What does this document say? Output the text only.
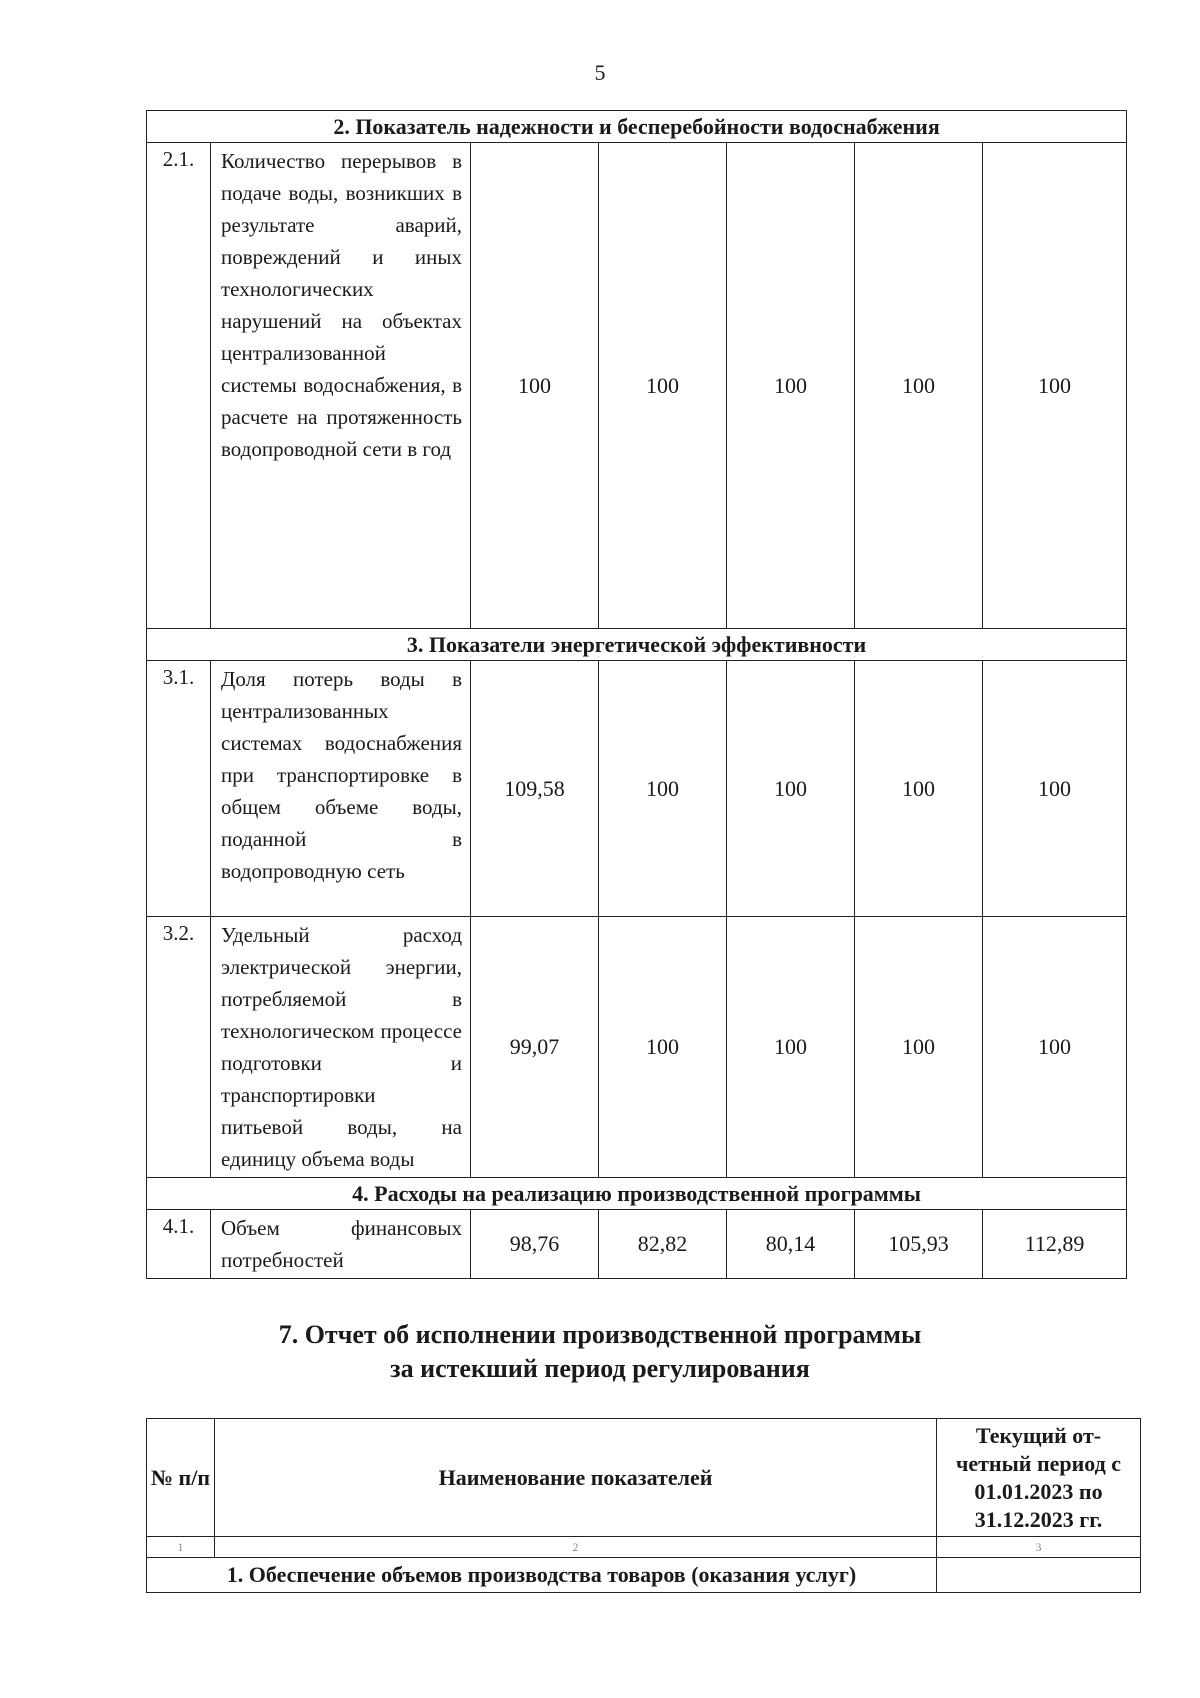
5
2. Показатель надежности и бесперебойности водоснабжения						
2.1.	Количество перерывов в подаче воды, возникших в результате аварий, повреждений и иных технологических нарушений на объектах централизованной системы водоснабжения, в расчете на протяженность водопроводной сети в год	100	100	100	100	100
3. Показатели энергетической эффективности						
3.1.	Доля потерь воды в централизованных системах водоснабжения при транспортировке в общем объеме воды, поданной в водопроводную сеть	109,58	100	100	100	100
3.2.	Удельный расход электрической энергии, потребляемой в технологическом процессе подготовки и транспортировки питьевой воды, на единицу объема воды	99,07	100	100	100	100
4. Расходы на реализацию производственной программы						
4.1.	Объем финансовых потребностей	98,76	82,82	80,14	105,93	112,89
7. Отчет об исполнении производственной программы
за истекший период регулирования
№ п/п	Наименование показателей	Текущий от-четный период с 01.01.2023 по 31.12.2023 гг.
1	2	3
1. Обеспечение объемов производства товаров (оказания услуг)		
